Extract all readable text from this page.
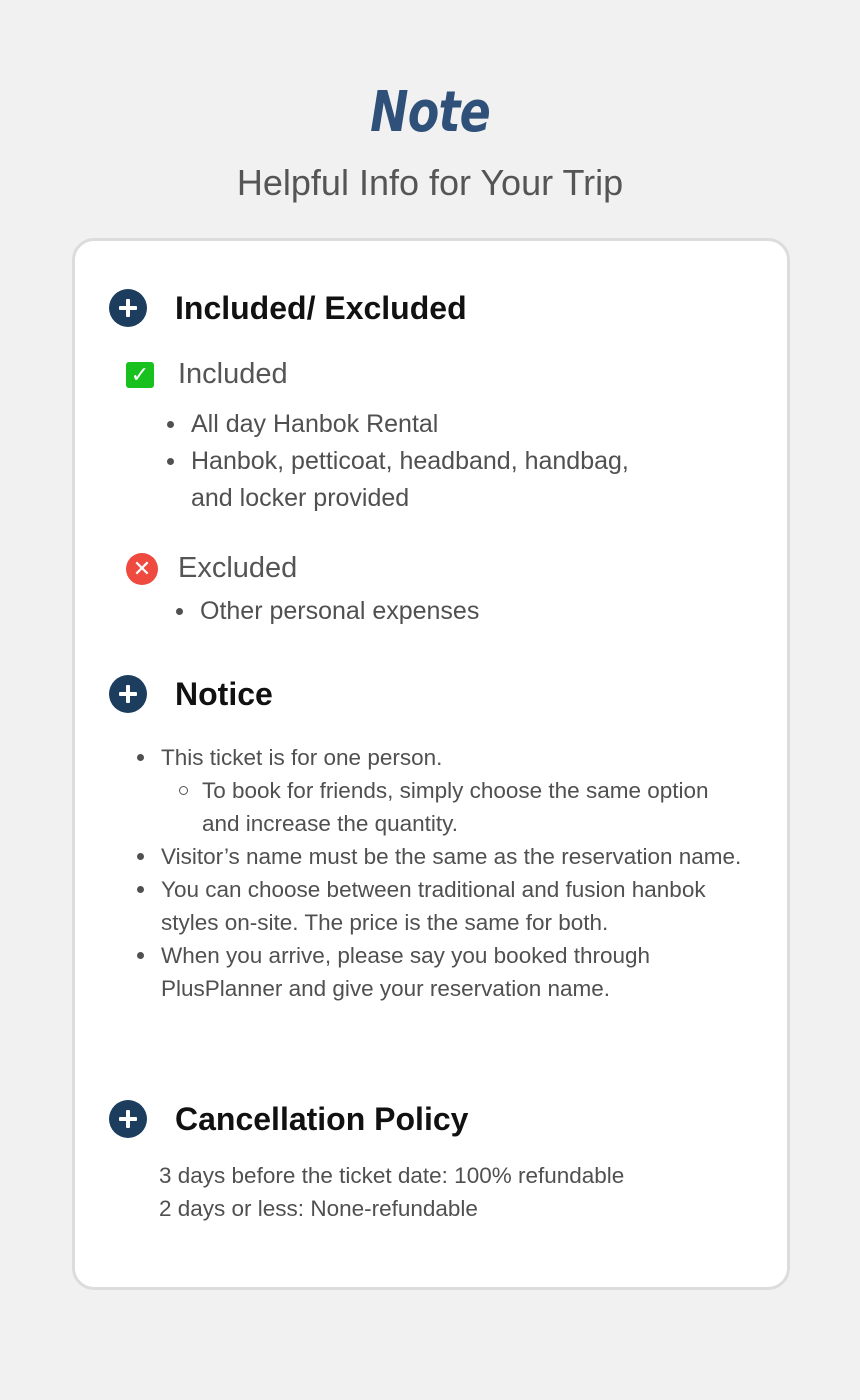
Note
Helpful Info for Your Trip
Included/ Excluded
✓ Included
All day Hanbok Rental
Hanbok, petticoat, headband, handbag, and locker provided
✕ Excluded
Other personal expenses
Notice
This ticket is for one person.
To book for friends, simply choose the same option and increase the quantity.
Visitor’s name must be the same as the reservation name.
You can choose between traditional and fusion hanbok styles on-site. The price is the same for both.
When you arrive, please say you booked through PlusPlanner and give your reservation name.
Cancellation Policy
3 days before the ticket date: 100% refundable
2 days or less: None-refundable
